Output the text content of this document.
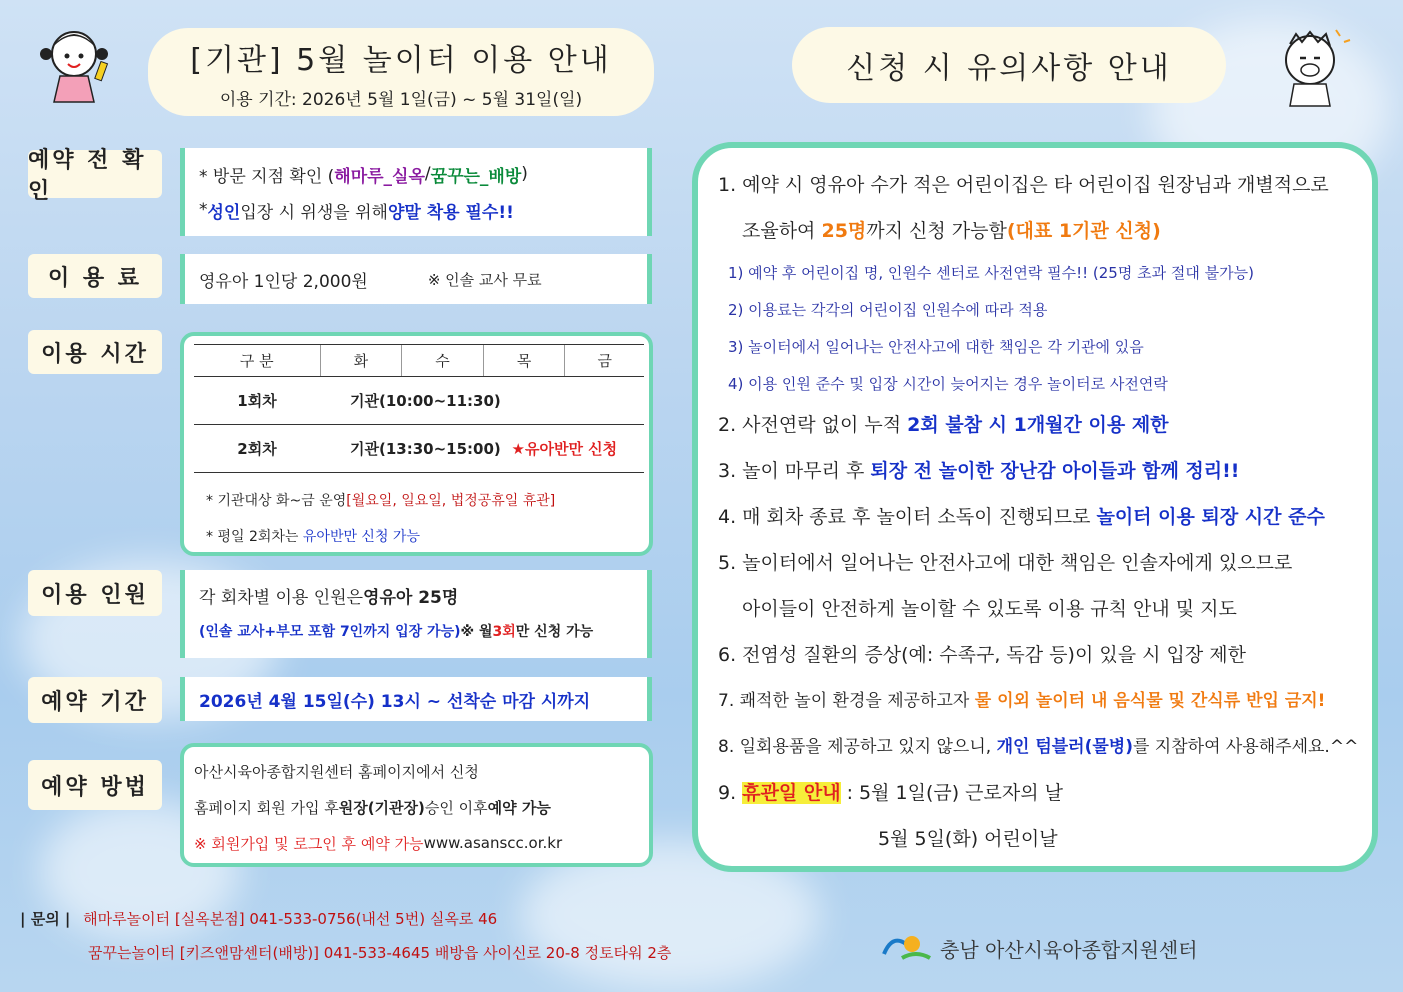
[기관] 5월 놀이터 이용 안내
이용 기간: 2026년 5월 1일(금) ~ 5월 31일(일)
신청 시 유의사항 안내
예약 전 확인
* 방문 지점 확인 ( 해마루_실옥 / 꿈꾸는_배방 )
* 성인 입장 시 위생을 위해 양말 착용 필수!!
이 용 료	영유아 1인당 2,000원	※ 인솔 교사 무료
이용 시간	구 분	화	수	목	금
1회차	기관(10:00~11:30)			
2회차	기관(13:30~15:00) ★유아반만 신청			
* 기관대상 화~금 운영[월요일, 일요일, 법정공휴일 휴관]
* 평일 2회차는 유아반만 신청 가능
이용 인원	각 회차별 이용 인원은 영유아 25명
(인솔 교사+부모 포함 7인까지 입장 가능) ※ 월 3회 만 신청 가능
예약 기간	2026년 4월 15일(수) 13시 ~ 선착순 마감 시까지
예약 방법
아산시육아종합지원센터 홈페이지에서 신청
홈페이지 회원 가입 후 원장(기관장) 승인 이후 예약 가능
※ 회원가입 및 로그인 후 예약 가능 www.asanscc.or.kr
1. 예약 시 영유아 수가 적은 어린이집은 타 어린이집 원장님과 개별적으로
조율하여 25명까지 신청 가능함(대표 1기관 신청)
1) 예약 후 어린이집 명, 인원수 센터로 사전연락 필수!! (25명 초과 절대 불가능)
2) 이용료는 각각의 어린이집 인원수에 따라 적용
3) 놀이터에서 일어나는 안전사고에 대한 책임은 각 기관에 있음
4) 이용 인원 준수 및 입장 시간이 늦어지는 경우 놀이터로 사전연락
2. 사전연락 없이 누적 2회 불참 시 1개월간 이용 제한
3. 놀이 마무리 후 퇴장 전 놀이한 장난감 아이들과 함께 정리!!
4. 매 회차 종료 후 놀이터 소독이 진행되므로 놀이터 이용 퇴장 시간 준수
5. 놀이터에서 일어나는 안전사고에 대한 책임은 인솔자에게 있으므로
아이들이 안전하게 놀이할 수 있도록 이용 규칙 안내 및 지도
6. 전염성 질환의 증상(예: 수족구, 독감 등)이 있을 시 입장 제한
7. 쾌적한 놀이 환경을 제공하고자 물 이외 놀이터 내 음식물 및 간식류 반입 금지!
8. 일회용품을 제공하고 있지 않으니, 개인 텀블러(물병)를 지참하여 사용해주세요.^^
9. 휴관일 안내 : 5월 1일(금) 근로자의 날
5월 5일(화) 어린이날
| 문의 | 해마루놀이터 [실옥본점] 041-533-0756(내선 5번) 실옥로 46
꿈꾸는놀이터 [키즈앤맘센터(배방)] 041-533-4645 배방읍 사이신로 20-8 정토타워 2층	충남 아산시육아종합지원센터
